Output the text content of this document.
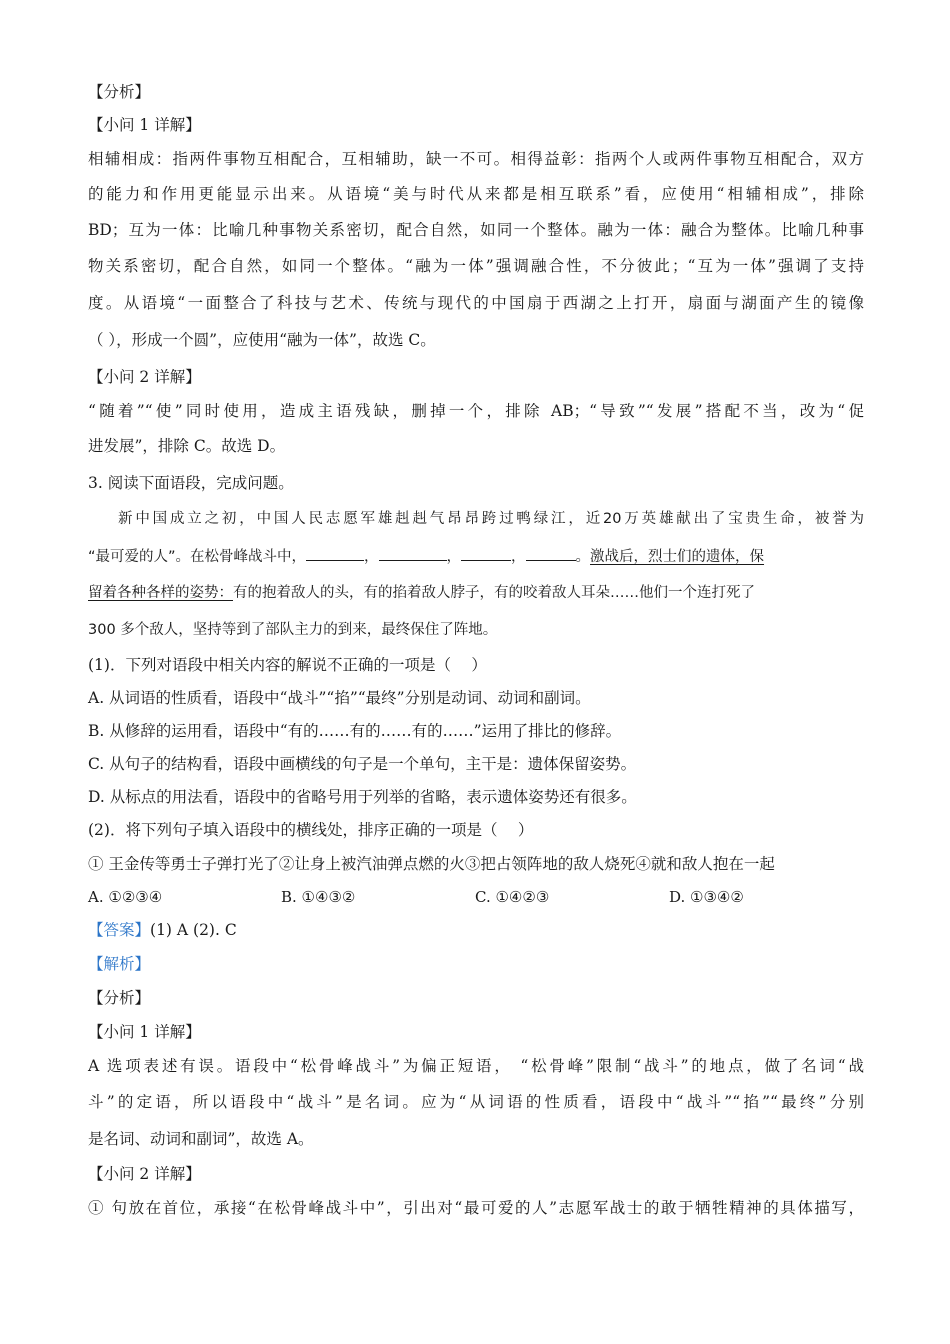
【分析】
【小问 1 详解】
相辅相成：指两件事物互相配合，互相辅助，缺一不可。相得益彰：指两个人或两件事物互相配合，双方
的能力和作用更能显示出来。从语境“美与时代从来都是相互联系”看，应使用“相辅相成”，排除
BD；互为一体：比喻几种事物关系密切，配合自然，如同一个整体。融为一体：融合为整体。比喻几种事
物关系密切，配合自然，如同一个整体。“融为一体”强调融合性，不分彼此；“互为一体”强调了支持
度。从语境“一面整合了科技与艺术、传统与现代的中国扇于西湖之上打开，扇面与湖面产生的镜像
（ ），形成一个圆”，应使用“融为一体”，故选 C。
【小问 2 详解】
“随着”“使”同时使用，造成主语残缺，删掉一个，排除 AB；“导致”“发展”搭配不当，改为“促
进发展”，排除 C。故选 D。
3. 阅读下面语段，完成问题。
新中国成立之初，中国人民志愿军雄赳赳气昂昂跨过鸭绿江，近20万英雄献出了宝贵生命，被誉为
“最可爱的人”。在松骨峰战斗中，	，	，	，	。激战后，烈士们的遗体，保
留着各种各样的姿势：有的抱着敌人的头，有的掐着敌人脖子，有的咬着敌人耳朵……他们一个连打死了
300 多个敌人，坚持等到了部队主力的到来，最终保住了阵地。
(1)．下列对语段中相关内容的解说不正确的一项是（　 ）
A. 从词语的性质看，语段中“战斗”“掐”“最终”分别是动词、动词和副词。
B. 从修辞的运用看，语段中“有的……有的……有的……”运用了排比的修辞。
C. 从句子的结构看，语段中画横线的句子是一个单句，主干是：遗体保留姿势。
D. 从标点的用法看，语段中的省略号用于列举的省略，表示遗体姿势还有很多。
(2)．将下列句子填入语段中的横线处，排序正确的一项是（　 ）
① 王金传等勇士子弹打光了②让身上被汽油弹点燃的火③把占领阵地的敌人烧死④就和敌人抱在一起
A. ①②③④	B. ①④③②	C. ①④②③	D. ①③④②
【答案】(1) A (2). C
【解析】
【分析】
【小问 1 详解】
A 选项表述有误。语段中“松骨峰战斗”为偏正短语， “松骨峰”限制“战斗”的地点，做了名词“战
斗”的定语，所以语段中“战斗”是名词。应为“从词语的性质看，语段中“战斗”“掐”“最终”分别
是名词、动词和副词”，故选 A。
【小问 2 详解】
① 句放在首位，承接“在松骨峰战斗中”，引出对“最可爱的人”志愿军战士的敢于牺牲精神的具体描写，
